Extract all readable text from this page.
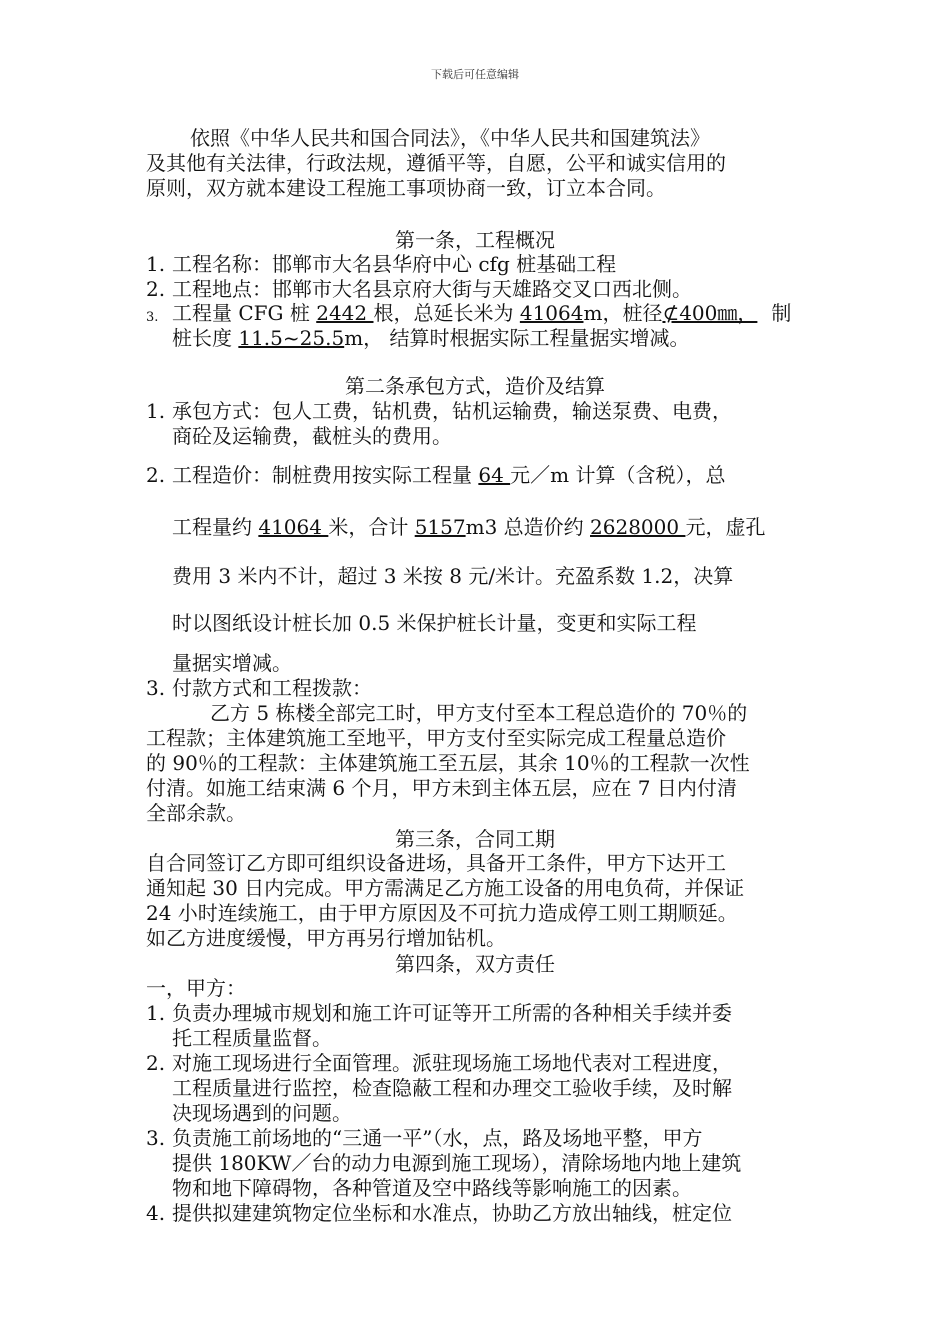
下载后可任意编辑
依照《中华人民共和国合同法》，《中华人民共和国建筑法》
及其他有关法律，行政法规，遵循平等，自愿，公平和诚实信用的
原则，双方就本建设工程施工事项协商一致，订立本合同。
第一条，工程概况
1. 工程名称：邯郸市大名县华府中心 cfg 桩基础工程
2. 工程地点：邯郸市大名县京府大街与天雄路交叉口西北侧。
3. 工程量 CFG 桩 2442 根，总延长米为 41064m，桩径⊄400㎜， 制
桩长度 11.5~25.5m， 结算时根据实际工程量据实增减。
第二条承包方式，造价及结算
1. 承包方式：包人工费，钻机费，钻机运输费，输送泵费、电费，
商砼及运输费，截桩头的费用。
2. 工程造价：制桩费用按实际工程量 64 元／m 计算（含税），总
工程量约 41064 米，合计 5157m3 总造价约 2628000 元，虚孔
费用 3 米内不计，超过 3 米按 8 元/米计。充盈系数 1.2，决算
时以图纸设计桩长加 0.5 米保护桩长计量，变更和实际工程
量据实增减。
3. 付款方式和工程拨款：
乙方 5 栋楼全部完工时，甲方支付至本工程总造价的 70％的
工程款；主体建筑施工至地平，甲方支付至实际完成工程量总造价
的 90％的工程款：主体建筑施工至五层，其余 10％的工程款一次性
付清。如施工结束满 6 个月，甲方未到主体五层，应在 7 日内付清
全部余款。
第三条，合同工期
自合同签订乙方即可组织设备进场，具备开工条件，甲方下达开工
通知起 30 日内完成。甲方需满足乙方施工设备的用电负荷，并保证
24 小时连续施工，由于甲方原因及不可抗力造成停工则工期顺延。
如乙方进度缓慢，甲方再另行增加钻机。
第四条，双方责任
一，甲方：
1. 负责办理城市规划和施工许可证等开工所需的各种相关手续并委
托工程质量监督。
2. 对施工现场进行全面管理。派驻现场施工场地代表对工程进度，
工程质量进行监控，检查隐蔽工程和办理交工验收手续，及时解
决现场遇到的问题。
3. 负责施工前场地的“三通一平”（水，点，路及场地平整，甲方
提供 180KW／台的动力电源到施工现场），清除场地内地上建筑
物和地下障碍物，各种管道及空中路线等影响施工的因素。
4. 提供拟建建筑物定位坐标和水准点，协助乙方放出轴线，桩定位
